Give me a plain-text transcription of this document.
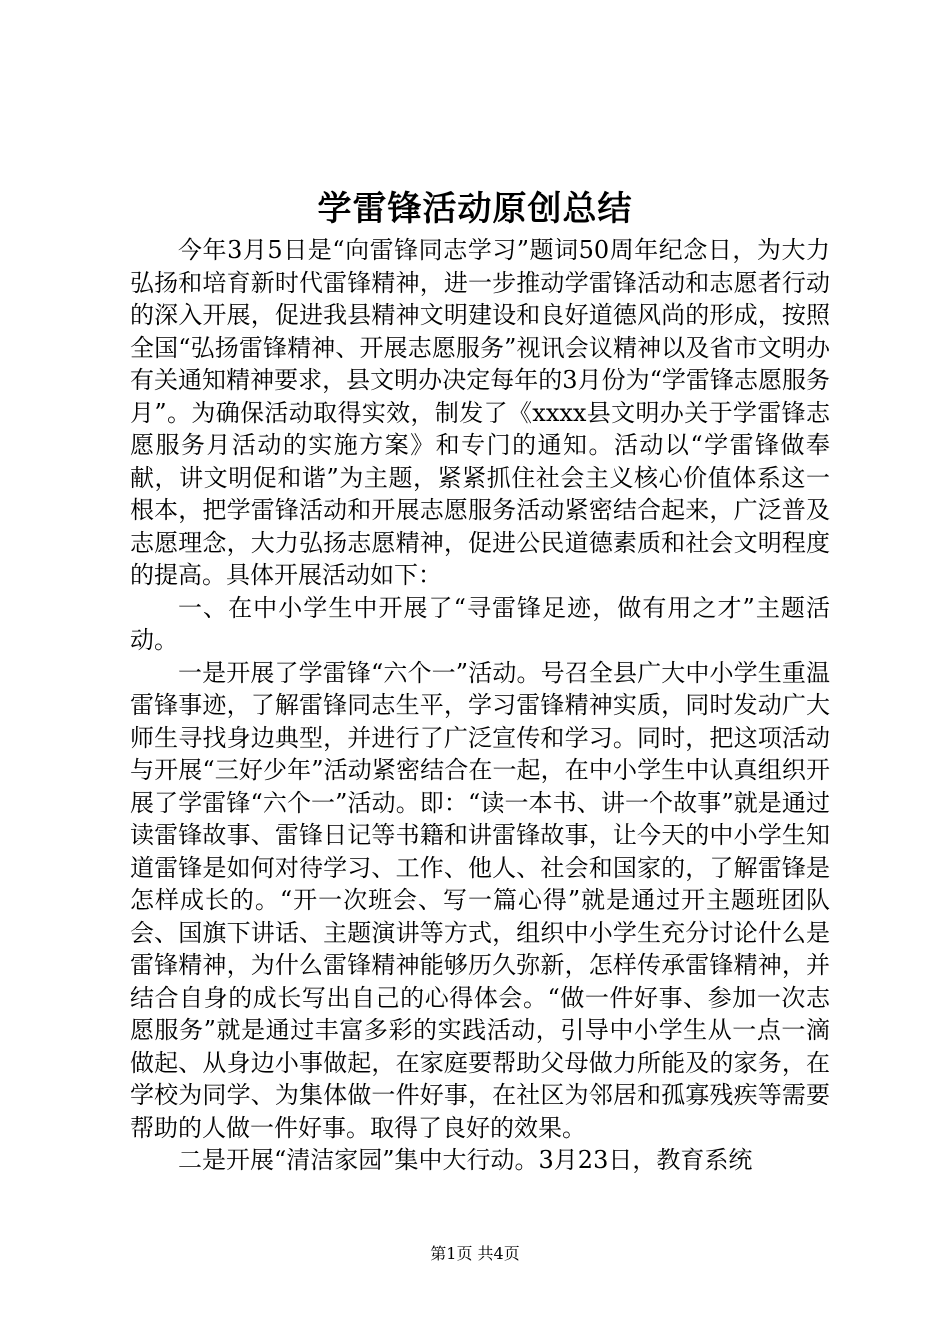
学雷锋活动原创总结

今年3月5日是“向雷锋同志学习”题词50周年纪念日，为大力弘扬和培育新时代雷锋精神，进一步推动学雷锋活动和志愿者行动的深入开展，促进我县精神文明建设和良好道德风尚的形成，按照全国“弘扬雷锋精神、开展志愿服务”视讯会议精神以及省市文明办有关通知精神要求，县文明办决定每年的3月份为“学雷锋志愿服务月”。为确保活动取得实效，制发了《xxxx县文明办关于学雷锋志愿服务月活动的实施方案》和专门的通知。活动以“学雷锋做奉献，讲文明促和谐”为主题，紧紧抓住社会主义核心价值体系这一根本，把学雷锋活动和开展志愿服务活动紧密结合起来，广泛普及志愿理念，大力弘扬志愿精神，促进公民道德素质和社会文明程度的提高。具体开展活动如下：

一、在中小学生中开展了“寻雷锋足迹，做有用之才”主题活动。

一是开展了学雷锋“六个一”活动。号召全县广大中小学生重温雷锋事迹，了解雷锋同志生平，学习雷锋精神实质，同时发动广大师生寻找身边典型，并进行了广泛宣传和学习。同时，把这项活动与开展“三好少年”活动紧密结合在一起，在中小学生中认真组织开展了学雷锋“六个一”活动。即：“读一本书、讲一个故事”就是通过读雷锋故事、雷锋日记等书籍和讲雷锋故事，让今天的中小学生知道雷锋是如何对待学习、工作、他人、社会和国家的，了解雷锋是怎样成长的。“开一次班会、写一篇心得”就是通过开主题班团队会、国旗下讲话、主题演讲等方式，组织中小学生充分讨论什么是雷锋精神，为什么雷锋精神能够历久弥新，怎样传承雷锋精神，并结合自身的成长写出自己的心得体会。“做一件好事、参加一次志愿服务”就是通过丰富多彩的实践活动，引导中小学生从一点一滴做起、从身边小事做起，在家庭要帮助父母做力所能及的家务，在学校为同学、为集体做一件好事，在社区为邻居和孤寡残疾等需要帮助的人做一件好事。取得了良好的效果。

二是开展“清洁家园”集中大行动。3月23日，教育系统

第1页 共4页
